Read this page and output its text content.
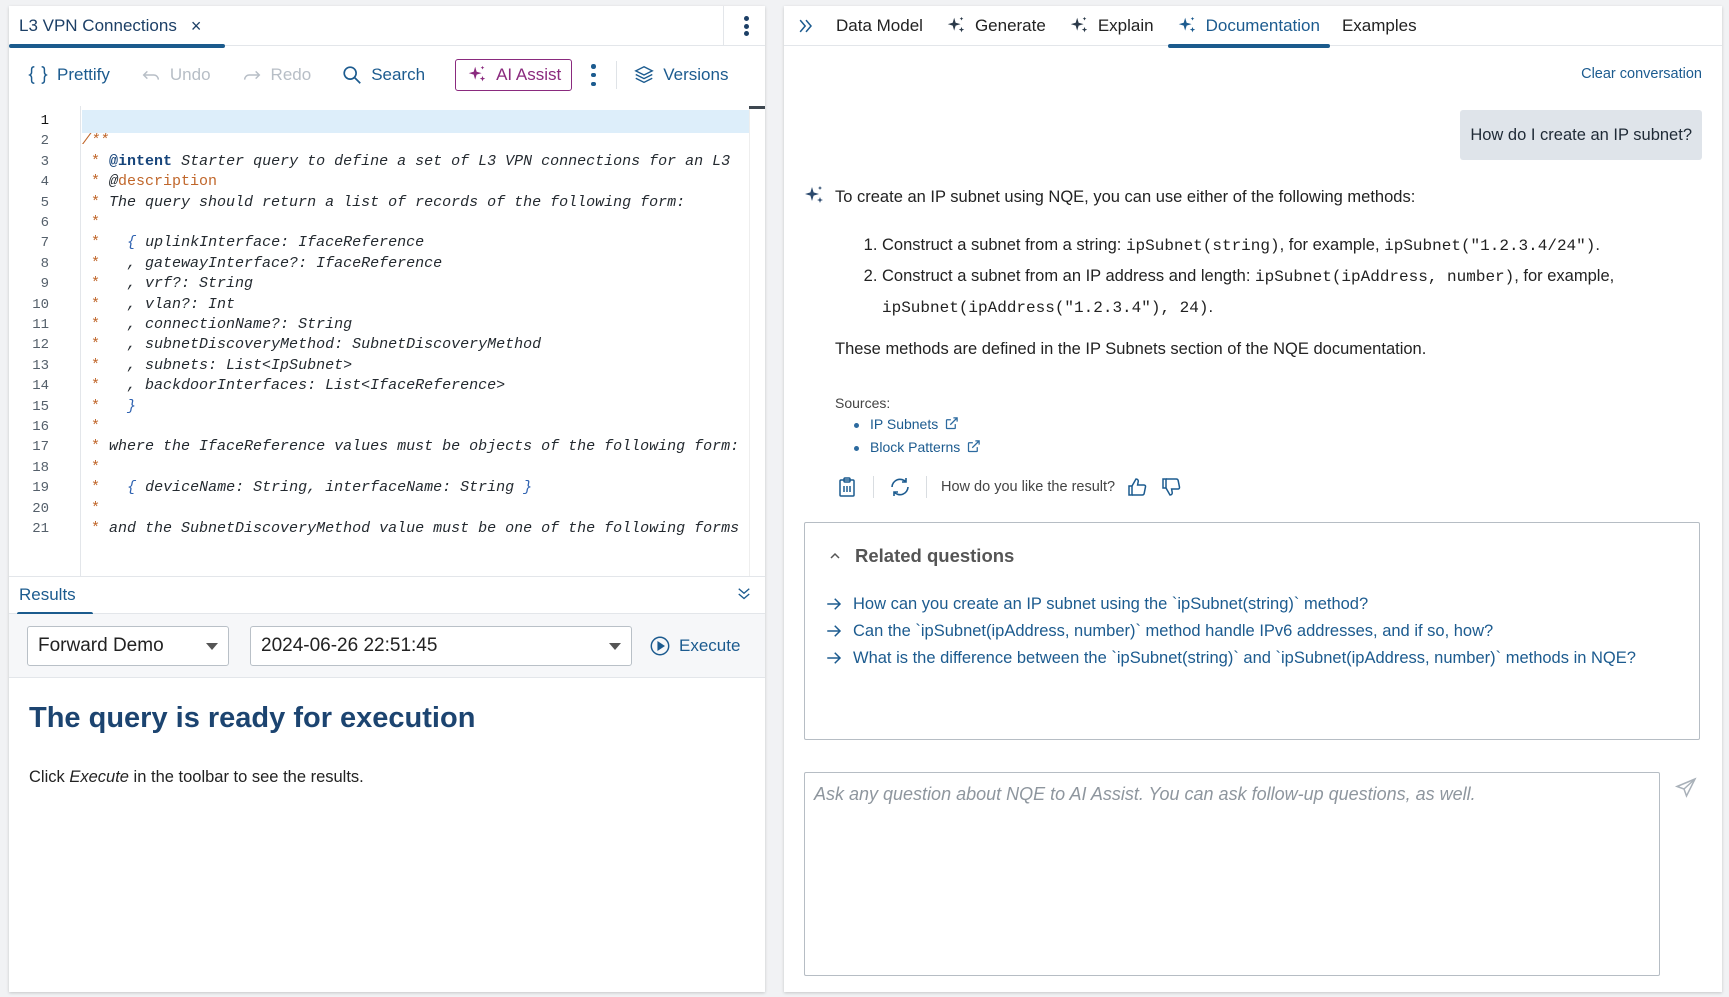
L3 VPN Connections ×
Prettify	Undo	Redo	Search	AI Assist	Versions
1
2
3
4
5
6
7
8
9
10
11
12
13
14
15
16
17
18
19
20
21
/**
* @intent Starter query to define a set of L3 VPN connections for an L3
* @description
* The query should return a list of records of the following form:
*
* { uplinkInterface: IfaceReference
*   , gatewayInterface?: IfaceReference
*   , vrf?: String
*   , vlan?: Int
*   , connectionName?: String
*   , subnetDiscoveryMethod: SubnetDiscoveryMethod
*   , subnets: List<IpSubnet>
*   , backdoorInterfaces: List<IfaceReference>
* }
*
* where the IfaceReference values must be objects of the following form:
*
* { deviceName: String, interfaceName: String }
*
* and the SubnetDiscoveryMethod value must be one of the following forms
Results
Forward Demo	2024-06-26 22:51:45	Execute
The query is ready for execution
Click Execute in the toolbar to see the results.
Data Model	Generate	Explain	Documentation Examples
Clear conversation
How do I create an IP subnet?
To create an IP subnet using NQE, you can use either of the following methods:
1. Construct a subnet from a string: ipSubnet(string), for example, ipSubnet("1.2.3.4/24").
2. Construct a subnet from an IP address and length: ipSubnet(ipAddress, number), for example,
ipSubnet(ipAddress("1.2.3.4"), 24).
These methods are defined in the IP Subnets section of the NQE documentation.
Sources:
IP Subnets
Block Patterns
How do you like the result?
Related questions
How can you create an IP subnet using the `ipSubnet(string)` method?
Can the `ipSubnet(ipAddress, number)` method handle IPv6 addresses, and if so, how?
What is the difference between the `ipSubnet(string)` and `ipSubnet(ipAddress, number)` methods in NQE?
Ask any question about NQE to AI Assist. You can ask follow-up questions, as well.
